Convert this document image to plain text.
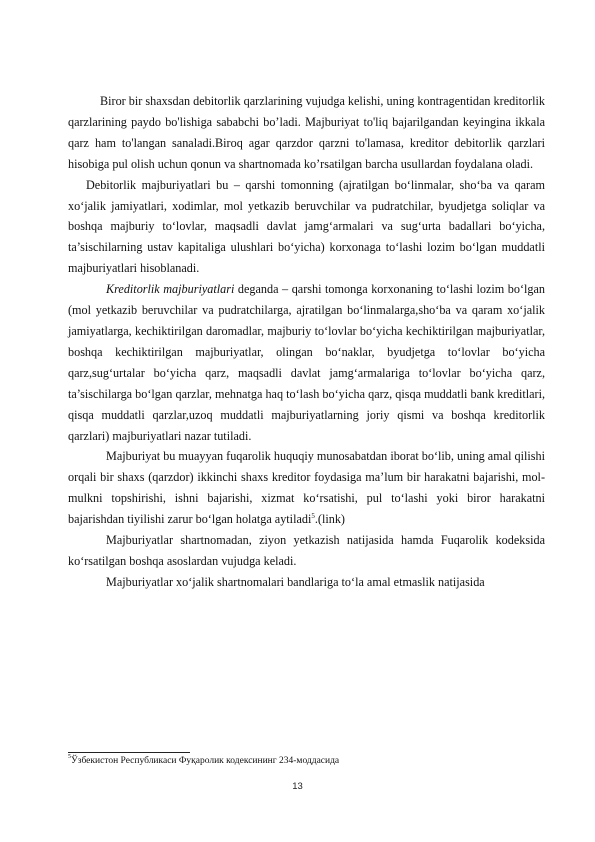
Biror bir shaxsdan debitorlik qarzlarining vujudga kelishi, uning kontragentidan kreditorlik qarzlarining paydo bo'lishiga sababchi bo’ladi. Majburiyat to'liq bajarilgandan keyingina ikkala qarz ham to'langan sanaladi.Biroq agar qarzdor qarzni to'lamasa, kreditor debitorlik qarzlari hisobiga pul olish uchun qonun va shartnomada ko’rsatilgan barcha usullardan foydalana oladi.

Debitorlik majburiyatlari bu – qarshi tomonning (ajratilgan bo‘linmalar, sho‘ba va qaram xo‘jalik jamiyatlari, xodimlar, mol yetkazib beruvchilar va pudratchilar, byudjetga soliqlar va boshqa majburiy to‘lovlar, maqsadli davlat jamg‘armalari va sug‘urta badallari bo‘yicha, ta’sischilarning ustav kapitaliga ulushlari bo‘yicha) korxonaga to‘lashi lozim bo‘lgan muddatli majburiyatlari hisoblanadi.

Kreditorlik majburiyatlari deganda – qarshi tomonga korxonaning to‘lashi lozim bo‘lgan (mol yetkazib beruvchilar va pudratchilarga, ajratilgan bo‘linmalarga,sho‘ba va qaram xo‘jalik jamiyatlarga, kechiktirilgan daromadlar, majburiy to‘lovlar bo‘yicha kechiktirilgan majburiyatlar, boshqa kechiktirilgan majburiyatlar, olingan bo‘naklar, byudjetga to‘lovlar bo‘yicha qarz,sug‘urtalar bo‘yicha qarz, maqsadli davlat jamg‘armalariga to‘lovlar bo‘yicha qarz, ta’sischilarga bo‘lgan qarzlar, mehnatga haq to‘lash bo‘yicha qarz, qisqa muddatli bank kreditlari, qisqa muddatli qarzlar,uzoq muddatli majburiyatlarning joriy qismi va boshqa kreditorlik qarzlari) majburiyatlari nazar tutiladi.

Majburiyat bu muayyan fuqarolik huquqiy munosabatdan iborat bo‘lib, uning amal qilishi orqali bir shaxs (qarzdor) ikkinchi shaxs kreditor foydasiga ma’lum bir harakatni bajarishi, mol-mulkni topshirishi, ishni bajarishi, xizmat ko‘rsatishi, pul to‘lashi yoki biror harakatni bajarishdan tiyilishi zarur bo‘lgan holatga aytiladi$^5$.(link)

Majburiyatlar shartnomadan, ziyon yetkazish natijasida hamda Fuqarolik kodeksida ko‘rsatilgan boshqa asoslardan vujudga keladi.

Majburiyatlar xo‘jalik shartnomalari bandlariga to‘la amal etmaslik natijasida

$^5$Ўзбекистон Республикаси Фуқаролик кодексининг 234-моддасида
13
